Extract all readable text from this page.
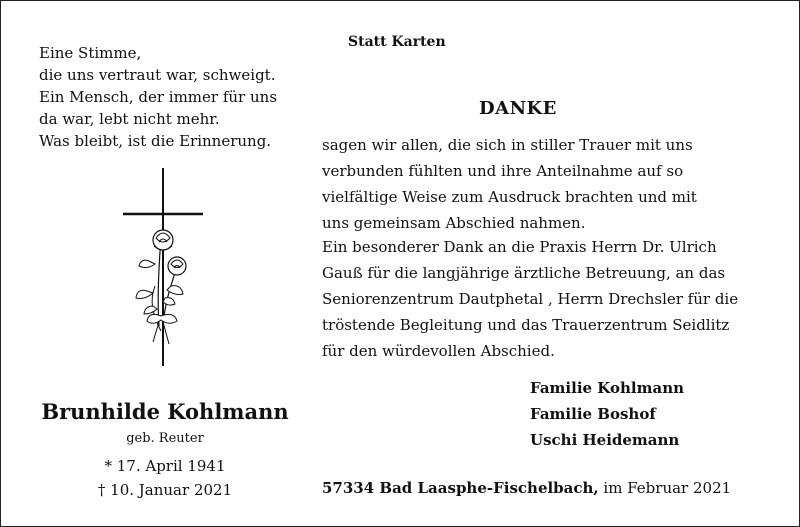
Eine Stimme,
die uns vertraut war, schweigt.
Ein Mensch, der immer für uns
da war, lebt nicht mehr.
Was bleibt, ist die Erinnerung.
Brunhilde Kohlmann
geb. Reuter
* 17. April 1941
† 10. Januar 2021
Statt Karten
DANKE
sagen wir allen, die sich in stiller Trauer mit uns
verbunden fühlten und ihre Anteilnahme auf so
vielfältige Weise zum Ausdruck brachten und mit
uns gemeinsam Abschied nahmen.
Ein besonderer Dank an die Praxis Herrn Dr. Ulrich
Gauß für die langjährige ärztliche Betreuung, an das
Seniorenzentrum Dautphetal , Herrn Drechsler für die
tröstende Begleitung und das Trauerzentrum Seidlitz
für den würdevollen Abschied.
Familie Kohlmann
Familie Boshof
Uschi Heidemann
57334 Bad Laasphe-Fischelbach, im Februar 2021
